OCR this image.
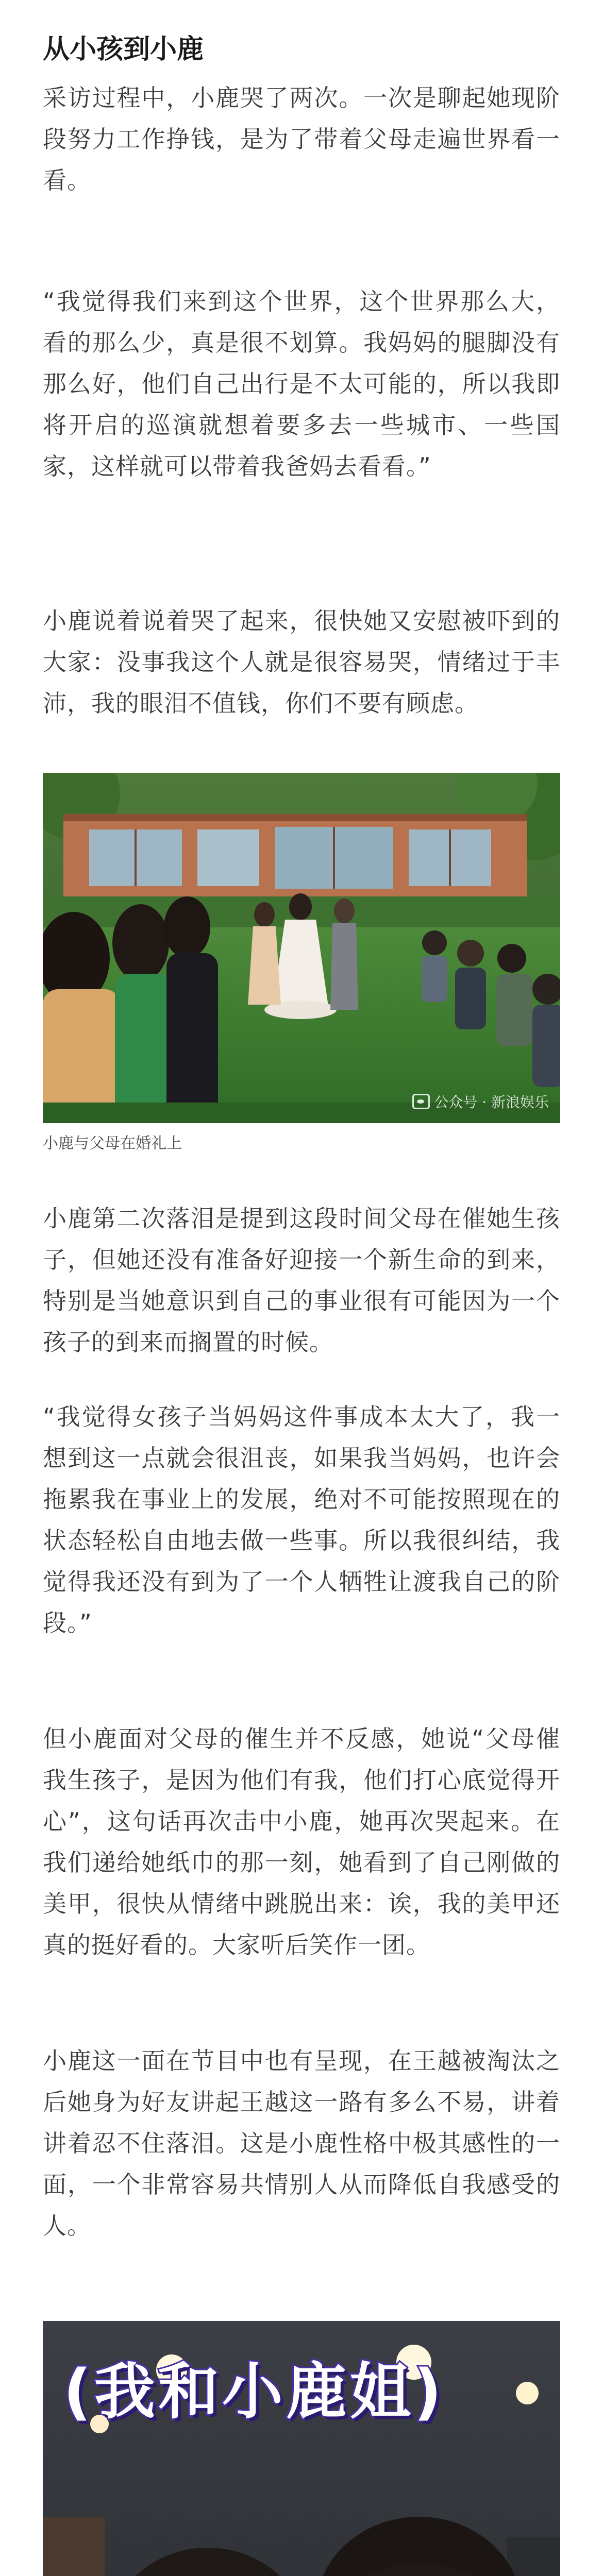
从小孩到小鹿

采访过程中，小鹿哭了两次。一次是聊起她现阶段努力工作挣钱，是为了带着父母走遍世界看一看。

“我觉得我们来到这个世界，这个世界那么大，看的那么少，真是很不划算。我妈妈的腿脚没有那么好，他们自己出行是不太可能的，所以我即将开启的巡演就想着要多去一些城市、一些国家，这样就可以带着我爸妈去看看。”

小鹿说着说着哭了起来，很快她又安慰被吓到的大家：没事我这个人就是很容易哭，情绪过于丰沛，我的眼泪不值钱，你们不要有顾虑。

公众号 · 新浪娱乐
小鹿与父母在婚礼上

小鹿第二次落泪是提到这段时间父母在催她生孩子，但她还没有准备好迎接一个新生命的到来，特别是当她意识到自己的事业很有可能因为一个孩子的到来而搁置的时候。

“我觉得女孩子当妈妈这件事成本太大了，我一想到这一点就会很沮丧，如果我当妈妈，也许会拖累我在事业上的发展，绝对不可能按照现在的状态轻松自由地去做一些事。所以我很纠结，我觉得我还没有到为了一个人牺牲让渡我自己的阶段。”

但小鹿面对父母的催生并不反感，她说“父母催我生孩子，是因为他们有我，他们打心底觉得开心”，这句话再次击中小鹿，她再次哭起来。在我们递给她纸巾的那一刻，她看到了自己刚做的美甲，很快从情绪中跳脱出来：诶，我的美甲还真的挺好看的。大家听后笑作一团。

小鹿这一面在节目中也有呈现，在王越被淘汰之后她身为好友讲起王越这一路有多么不易，讲着讲着忍不住落泪。这是小鹿性格中极其感性的一面，一个非常容易共情别人从而降低自我感受的人。

(我和小鹿姐)
